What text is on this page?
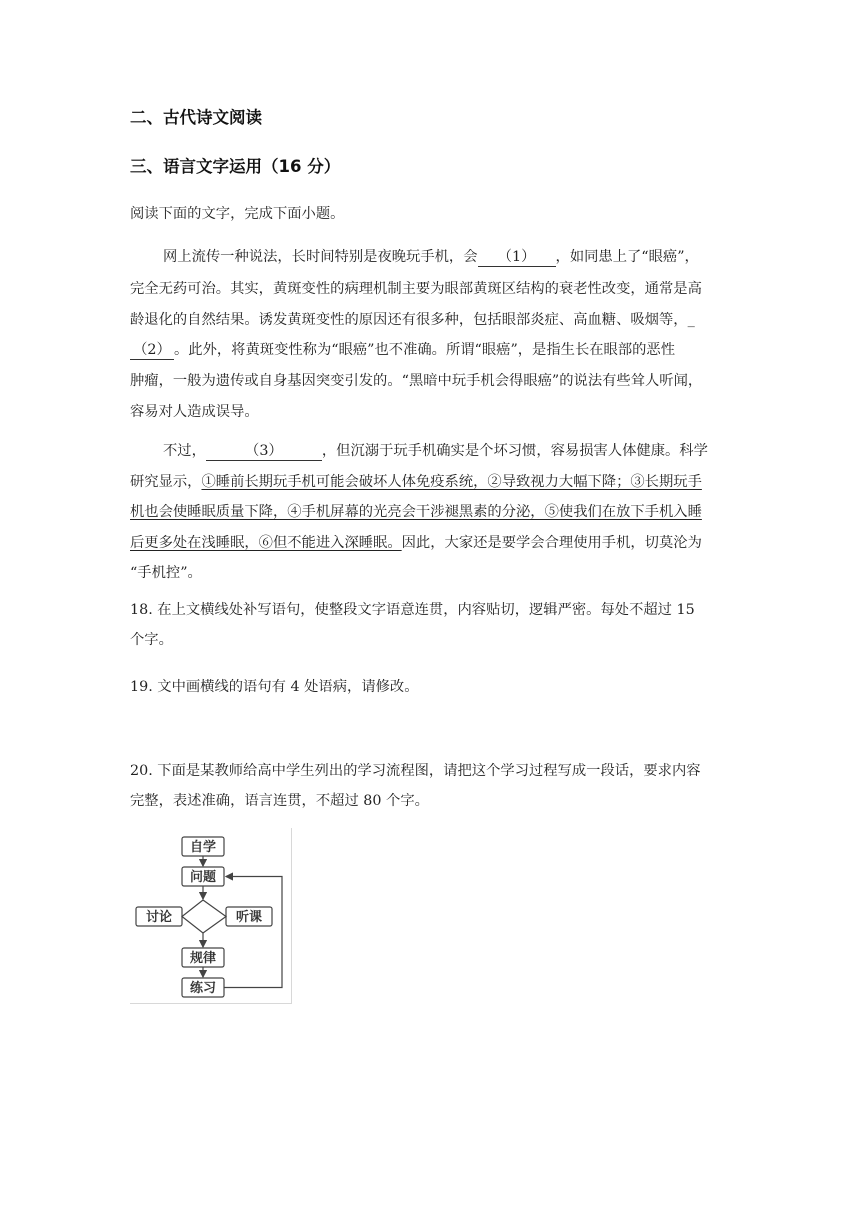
二、古代诗文阅读
三、语言文字运用（16 分）
阅读下面的文字，完成下面小题。
网上流传一种说法，长时间特别是夜晚玩手机，会 （1） ，如同患上了“眼癌”，
完全无药可治。其实，黄斑变性的病理机制主要为眼部黄斑区结构的衰老性改变，通常是高
龄退化的自然结果。诱发黄斑变性的原因还有很多种，包括眼部炎症、高血糖、吸烟等，_
（2） 。此外，将黄斑变性称为“眼癌”也不准确。所谓“眼癌”，是指生长在眼部的恶性
肿瘤，一般为遗传或自身基因突变引发的。“黑暗中玩手机会得眼癌”的说法有些耸人听闻，
容易对人造成误导。
不过，	（3）	，但沉溺于玩手机确实是个坏习惯，容易损害人体健康。科学
研究显示，①睡前长期玩手机可能会破坏人体免疫系统，②导致视力大幅下降；③长期玩手
机也会使睡眠质量下降，④手机屏幕的光亮会干涉褪黑素的分泌，⑤使我们在放下手机入睡
后更多处在浅睡眠，⑥但不能进入深睡眠。因此，大家还是要学会合理使用手机，切莫沦为
“手机控”。
18. 在上文横线处补写语句，使整段文字语意连贯，内容贴切，逻辑严密。每处不超过 15
个字。
19. 文中画横线的语句有 4 处语病，请修改。
20. 下面是某教师给高中学生列出的学习流程图，请把这个学习过程写成一段话，要求内容
完整，表述准确，语言连贯，不超过 80 个字。
自学
问题
讨论	听课
规律
练习
